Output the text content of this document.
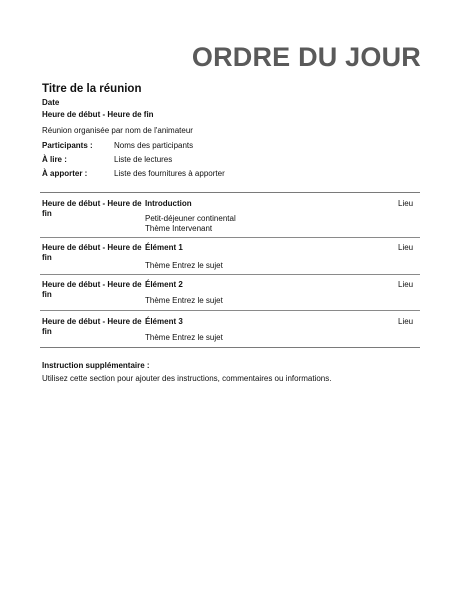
ORDRE DU JOUR
Titre de la réunion
Date
Heure de début - Heure de fin
Réunion organisée par nom de l'animateur
Participants :	Noms des participants
À lire :	Liste de lectures
À apporter :	Liste des fournitures à apporter
Heure de début - Heure de fin
Introduction	Lieu
Petit-déjeuner continental
Thème Intervenant
Heure de début - Heure de fin
Élément 1	Lieu
Thème Entrez le sujet
Heure de début - Heure de fin
Élément 2	Lieu
Thème Entrez le sujet
Heure de début - Heure de fin
Élément 3	Lieu
Thème Entrez le sujet
Instruction supplémentaire :
Utilisez cette section pour ajouter des instructions, commentaires ou informations.
